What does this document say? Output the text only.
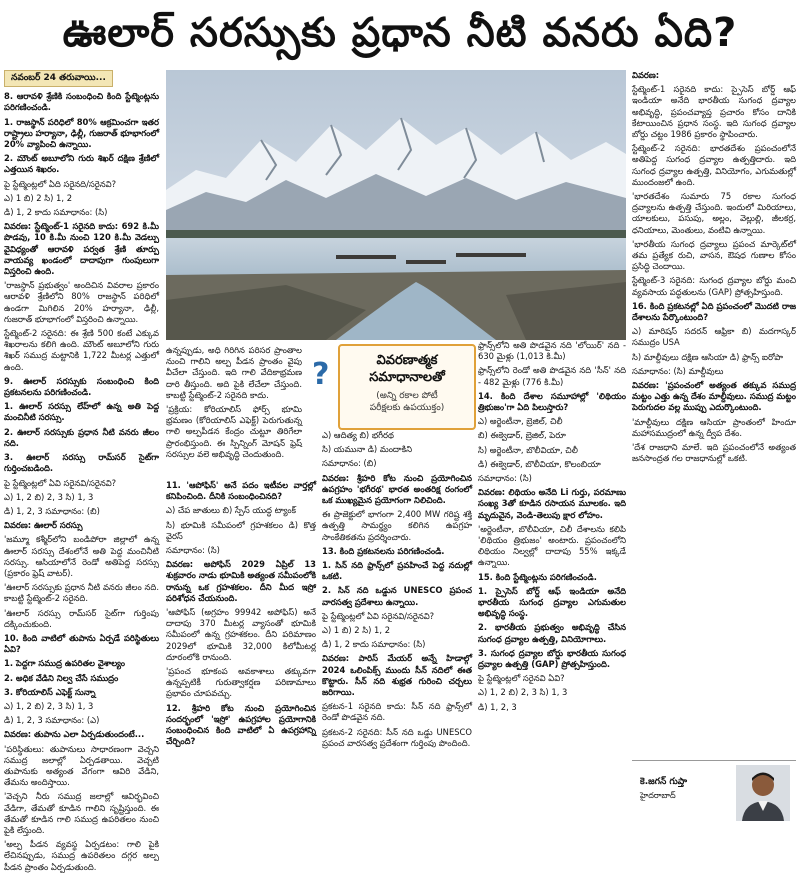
ఊలార్ సరస్సుకు ప్రధాన నీటి వనరు ఏది?
నవంబర్ 24 తరువాయి...

8. ఆరావళి శ్రేణికి సంబంధించి కింది స్టేట్మెంట్లను పరిగణించండి.

1. రాజస్థాన్ పరిధిలో 80% ఆక్రమించగా ఇతర రాష్ట్రాలు హర్యానా, ఢిల్లీ, గుజరాత్ భూభాగంలో 20% వ్యాపించి ఉన్నాయి.

2. మౌంట్ అబూలోని గురు శిఖర్ దక్షిణ శ్రేణిలో ఎత్తయిన శిఖరం.

పై స్టేట్మెంట్లలో ఏది సరైనది/సరైనవి?

ఎ) 1 బి) 2 సి) 1, 2

డి) 1, 2 కాదు సమాధానం: (సి)

వివరణ: స్టేట్మెంట్-1 సరైనది కాదు: 692 కి.మీ పొడవు, 10 కి.మీ నుంచి 120 కి.మీ వెడల్పు వైవిధ్యంతో ఆరావళి పర్వత శ్రేణి తూర్పు వాయవ్య ఖండంలో దాదాపుగా గుంపులుగా విస్తరించి ఉంది.

'రాజస్థాన్ ప్రభుత్వం' అందిచిన వివరాల ప్రకారం ఆరావళి శ్రేణిలోని 80% రాజస్థాన్ పరిధిలో ఉండగా మిగిలిన 20% హర్యానా, ఢిల్లీ, గుజరాత్ భూభాగంలో విస్తరించి ఉన్నాయి.

స్టేట్మెంట్-2 సరైనది: ఈ శ్రేణి 500 కంటే ఎక్కువ శిఖరాలను కలిగి ఉంది. మౌంట్ అబూలోని గురు శిఖర్ సముద్ర మట్టానికి 1,722 మీటర్ల ఎత్తులో ఉంది.

9. ఊలార్ సరస్సుకు సంబంధించి కింది ప్రకటనలను పరిగణించండి.

1. ఊలార్ సరస్సు లేహ్‌లో ఉన్న అతి పెద్ద మంచినీటి సరస్సు.

2. ఊలార్ సరస్సుకు ప్రధాన నీటి వనరు జీలం నది.

3. ఊలార్ సరస్సు రామ్‌సర్ సైట్‌గా గుర్తించబడింది.

పై స్టేట్మెంట్లలో ఏవి సరైనవి/సరైనవి?

ఎ) 1, 2 బి) 2, 3 సి) 1, 3

డి) 1, 2, 3 సమాధానం: (బి)

వివరణ: ఊలార్ సరస్సు

'జమ్మూ కశ్మీర్‌లోని బండిపోరా జిల్లాలో ఉన్న ఊలార్ సరస్సు దేశంలోనే అతి పెద్ద మంచినీటి సరస్సు. ఆసియాలోనే రెండో అతిపెద్ద సరస్సు (ప్రకారం ఫ్రెష్ వాటర్).

'ఊలార్ సరస్సుకు ప్రధాన నీటి వనరు జీలం నది. కాబట్టి స్టేట్మెంట్-2 సరైనది.

'ఊలార్ సరస్సు రామ్‌సర్ సైట్‌గా గుర్తింపు దక్కించుకుంది.

10. కింది వాటిలో తుపాను ఏర్పడే పరిస్థితులు ఏవి?

1. పెద్దగా సముద్ర ఉపరితల వైశాల్యం

2. అధిక వేడిని నిల్వ చేసే సముద్రం

3. కోరియాలిస్ ఎఫెక్ట్ సున్నా

ఎ) 1, 2 బి) 2, 3 సి) 1, 3

డి) 1, 2, 3 సమాధానం: (ఎ)

వివరణ: తుపాను ఎలా ఏర్పడుతుందంటే...

'పరిస్థితులు: తుపానులు సాధారణంగా వెచ్చని సముద్ర జలాల్లో ఏర్పడతాయి. వెచ్చటి తుపానుకు అత్యంత వేగంగా ఆవిరి వేడిని, తేమను అందిస్తాయి.

'వెచ్చని నీరు సముద్ర జలాల్లో ఆవిర్భవించి వేడిగా, తేమతో కూడిన గాలిని సృష్టిస్తుంది. ఈ తేమతో కూడిన గాలి సముద్ర ఉపరితలం నుంచి పైకి లేస్తుంది.

'అల్ప పీడన వ్యవస్థ ఏర్పడటం: గాలి పైకి లేచినప్పుడు, సముద్ర ఉపరితలం దగ్గర అల్ప పీడన ప్రాంతం ఏర్పడుతుంది.

ఉన్నప్పుడు, అధి గిరిగిన పరిసర ప్రాంతాల నుంచి గాలిని అల్ప పీడన ప్రాంతం వైపు వీచేలా చేస్తుంది. ఇది గాలి వేదికాభ్రమణ దారి తీస్తుంది. అది పైకి లేచేలా చేస్తుంది. కాబట్టి స్టేట్మెంట్-2 సరైనది కాదు.

'ప్రక్రియ: కోరియాలిస్ ఫోర్స్ భూమి భ్రమణం (కోరియాలిస్ ఎఫెక్ట్) పెరుగుతున్న గాలి అల్పపీడన కేంద్రం చుట్టూ తిరిగేలా ప్రారంభిస్తుంది. ఈ స్పిన్నింగ్ మోషన్ ఫ్రెష్ సరస్సుల వలె అభివృద్ధి చెందుతుంది.

?	వివరణాత్మక
సమాధానాలతో
(అన్ని రకాల పోటీ
పరీక్షలకు ఉపయుక్తం)

11. 'ఆపోఫిస్' అనే పదం ఇటీవల వార్తల్లో కనిపించింది. దీనికి సంబంధించినది?

ఎ) చేప జాతులు బి) స్పేస్ యుద్ధ ట్యాంక్

సి) భూమికి సమీపంలో గ్రహశకలం డి) కొత్త వైరస్

సమాధానం: (సి)

వివరణ: అపోఫిస్ 2029 ఏప్రిల్ 13 శుక్రవారం నాడు భూమికి అత్యంత సమీపంలోకి రానున్న ఒక గ్రహశకలం. దీని మీద ఇస్రో పరిశోధన చేయనుంది.

'ఆపోఫిస్ (అగ్రహం 99942 అపోఫిస్) అనే దాదాపు 370 మీటర్ల వ్యాసంతో భూమికి సమీపంలో ఉన్న గ్రహశకలం. దీని పరిమాణం 2029లో భూమికి 32,000 కిలోమీటర్ల దూరంలోకి రానుంది.

'ప్రపంచ భూకంప అవకాశాలు తక్కువగా ఉన్నప్పటికీ గురుత్వాకర్షణ పరిణామాలు ప్రభావం చూపవచ్చు.

12. శ్రీహరి కోట నుంచి ప్రయోగించిన సందర్భంలో 'ఇస్రో' ఉపగ్రహాల ప్రయోగానికి సంబంధించిన కింది వాటిలో ఏ ఉపగ్రహాన్ని చేర్చింది?

ఎ) ఆదిత్య బి) భగీరథ

సి) యమునా డి) మందాకిని

సమాధానం: (బి)

వివరణ: శ్రీహరి కోట నుంచి ప్రయోగించిన ఉపగ్రహం 'భగీరథ' భారత అంతరిక్ష రంగంలో ఒక ముఖ్యమైన ప్రయోగంగా నిలిచింది.

ఈ ప్రాజెక్టులో భాగంగా 2,400 MW గరిష్ట శక్తి ఉత్పత్తి సామర్థ్యం కలిగిన ఉపగ్రహ సాంకేతికతను ప్రదర్శించారు.

13. కింది ప్రకటనలను పరిగణించండి.

1. సిన్ నది ఫ్రాన్స్‌లో ప్రవహించే పెద్ద నదుల్లో ఒకటి.

2. సిన్ నది ఒడ్డున UNESCO ప్రపంచ వారసత్వ ప్రదేశాలు ఉన్నాయి.

పై స్టేట్మెంట్లలో ఏవి సరైనవి/సరైనవి?

ఎ) 1 బి) 2 సి) 1, 2

డి) 1, 2 కాదు సమాధానం: (సి)

వివరణ: పారిస్ మేయర్ అన్నే హిడాల్గో 2024 ఒలింపిక్స్ ముందు సీన్ నదిలో ఈత కొట్టారు. సీన్ నది శుభ్రత గురించి చర్చలు జరిగాయి.

ప్రకటన-1 సరైనది కాదు: సీన్ నది ఫ్రాన్స్‌లో రెండో పొడవైన నది.

ప్రకటన-2 సరైనది: సీన్ నది ఒడ్డు UNESCO ప్రపంచ వారసత్వ ప్రదేశంగా గుర్తింపు పొందింది.

ఫ్రాన్స్‌లోని అతి పొడవైన నది 'లోయిర్' నది - 630 మైళ్లు (1,013 కి.మీ)

ఫ్రాన్స్‌లోని రెండో అతి పొడవైన నది 'సీన్' నది - 482 మైళ్లు (776 కి.మీ)

14. కింది దేశాల సమూహాల్లో 'లిథియం త్రిభుజం'గా ఏది పిలుస్తారు?

ఎ) అర్జెంటీనా, బ్రెజిల్, చిలీ

బి) ఈక్వెడార్, బ్రెజిల్, పెరూ

సి) అర్జెంటీనా, బొలీవియా, చిలీ

డి) ఈక్వెడార్, బొలీవియా, కొలంబియా

సమాధానం: (సి)

వివరణ: లిథియం అనేది Li గుర్తు, పరమాణు సంఖ్య 3తో కూడిన రసాయన మూలకం. ఇది మృదువైన, వెండి-తెలుపు క్షార లోహం.

'అర్జెంటీనా, బొలీవియా, చిలీ దేశాలను కలిపి 'లిథియం త్రిభుజం' అంటారు. ప్రపంచంలోని లిథియం నిల్వల్లో దాదాపు 55% ఇక్కడే ఉన్నాయి.

15. కింది స్టేట్మెంట్లను పరిగణించండి.

1. స్పైసెస్ బోర్డ్ ఆఫ్ ఇండియా అనేది భారతీయ సుగంధ ద్రవ్యాల ఎగుమతుల అభివృద్ధి సంస్థ.

2. భారతీయ ప్రభుత్వం అభివృద్ధి చేసిన సుగంధ ద్రవ్యాల ఉత్పత్తి, వినియోగాలు.

3. సుగంధ ద్రవ్యాల బోర్డు భారతీయ సుగంధ ద్రవ్యాల ఉత్పత్తి (GAP) ప్రోత్సహిస్తుంది.

పై స్టేట్మెంట్లలో సరైనవి ఏవి?

ఎ) 1, 2 బి) 2, 3 సి) 1, 3

డి) 1, 2, 3

వివరణ:

స్టేట్మెంట్-1 సరైనది కాదు: స్పైసెస్ బోర్డ్ ఆఫ్ ఇండియా అనేది భారతీయ సుగంధ ద్రవ్యాల అభివృద్ధి, ప్రపంచవ్యాప్త ప్రచారం కోసం దానికి కేటాయించిన ప్రధాన సంస్థ. ఇది సుగంధ ద్రవ్యాల బోర్డు చట్టం 1986 ప్రకారం స్థాపించారు.

స్టేట్మెంట్-2 సరైనది: భారతదేశం ప్రపంచంలోనే అతిపెద్ద సుగంధ ద్రవ్యాల ఉత్పత్తిదారు. ఇది సుగంధ ద్రవ్యాల ఉత్పత్తి, వినియోగం, ఎగుమతుల్లో ముందంజలో ఉంది.

'భారతదేశం సుమారు 75 రకాల సుగంధ ద్రవ్యాలను ఉత్పత్తి చేస్తుంది. ఇందులో మిరియాలు, యాలకులు, పసుపు, అల్లం, వెల్లుల్లి, జీలకర్ర, ధనియాలు, మెంతులు, వంటివి ఉన్నాయి.

'భారతీయ సుగంధ ద్రవ్యాలు ప్రపంచ మార్కెట్‌లో తమ ప్రత్యేక రుచి, వాసన, ఔషధ గుణాల కోసం ప్రసిద్ధి చెందాయి.

స్టేట్మెంట్-3 సరైనది: సుగంధ ద్రవ్యాల బోర్డు మంచి వ్యవసాయ పద్ధతులను (GAP) ప్రోత్సహిస్తుంది.

16. కింది ప్రకటనల్లో ఏది ప్రపంచంలో మొదటి రాజ దేశాలను పేర్కొంటుంది?

ఎ) మారిషస్ సదరన్ ఆఫ్రికా బి) మదగాస్కర్ సముద్రం USA

సి) మాల్దీవులు దక్షిణ ఆసియా డి) ఫ్రాన్స్ ఐరోపా

సమాధానం: (సి) మాల్దీవులు

వివరణ: 'ప్రపంచంలో అత్యంత తక్కువ సముద్ర మట్టం ఎత్తు ఉన్న దేశం మాల్దీవులు. సముద్ర మట్టం పెరుగుదల వల్ల ముప్పు ఎదుర్కొంటుంది.

'మాల్దీవులు దక్షిణ ఆసియా ప్రాంతంలో హిందూ మహాసముద్రంలో ఉన్న ద్వీప దేశం.

'దేశ రాజధాని మాలే. ఇది ప్రపంచంలోనే అత్యంత జనసాంద్రత గల రాజధానుల్లో ఒకటి.

కె.జగన్ గుప్తా
హైదరాబాద్
